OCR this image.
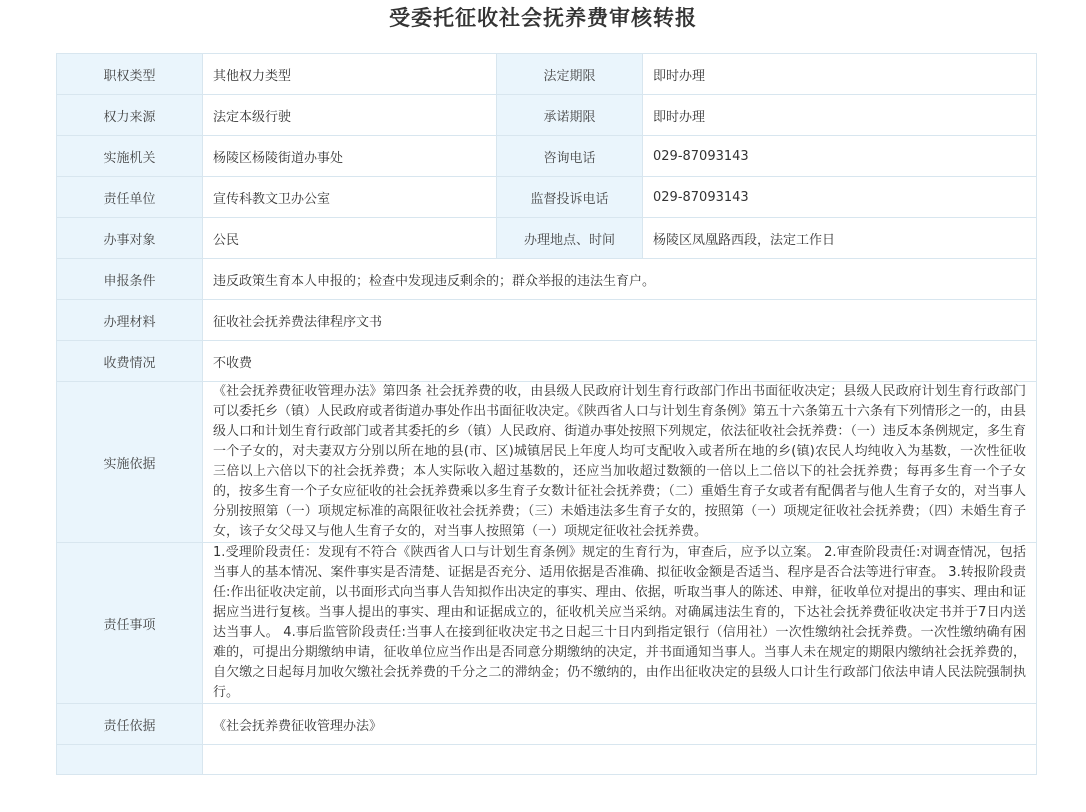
受委托征收社会抚养费审核转报
职权类型	其他权力类型	法定期限	即时办理
权力来源	法定本级行驶	承诺期限	即时办理
实施机关	杨陵区杨陵街道办事处	咨询电话	029-87093143
责任单位	宣传科教文卫办公室	监督投诉电话	029-87093143
办事对象	公民	办理地点、时间	杨陵区凤凰路西段，法定工作日
申报条件	违反政策生育本人申报的；检查中发现违反剩余的；群众举报的违法生育户。		
办理材料	征收社会抚养费法律程序文书		
收费情况	不收费		
实施依据	《社会抚养费征收管理办法》第四条 社会抚养费的收，由县级人民政府计划生育行政部门作出书面征收决定；县级人民政府计划生育行政部门可以委托乡（镇）人民政府或者街道办事处作出书面征收决定。《陕西省人口与计划生育条例》第五十六条第五十六条有下列情形之一的，由县级人口和计划生育行政部门或者其委托的乡（镇）人民政府、街道办事处按照下列规定，依法征收社会抚养费：（一）违反本条例规定，多生育一个子女的，对夫妻双方分别以所在地的县(市、区)城镇居民上年度人均可支配收入或者所在地的乡(镇)农民人均纯收入为基数，一次性征收三倍以上六倍以下的社会抚养费；本人实际收入超过基数的，还应当加收超过数额的一倍以上二倍以下的社会抚养费；每再多生育一个子女的，按多生育一个子女应征收的社会抚养费乘以多生育子女数计征社会抚养费；（二）重婚生育子女或者有配偶者与他人生育子女的，对当事人分别按照第（一）项规定标准的高限征收社会抚养费；（三）未婚违法多生育子女的，按照第（一）项规定征收社会抚养费；（四）未婚生育子女，该子女父母又与他人生育子女的，对当事人按照第（一）项规定征收社会抚养费。		
责任事项	1.受理阶段责任：发现有不符合《陕西省人口与计划生育条例》规定的生育行为，审查后，应予以立案。 2.审查阶段责任:对调查情况，包括当事人的基本情况、案件事实是否清楚、证据是否充分、适用依据是否准确、拟征收金额是否适当、程序是否合法等进行审查。 3.转报阶段责任:作出征收决定前，以书面形式向当事人告知拟作出决定的事实、理由、依据，听取当事人的陈述、申辩，征收单位对提出的事实、理由和证据应当进行复核。当事人提出的事实、理由和证据成立的，征收机关应当采纳。对确属违法生育的，下达社会抚养费征收决定书并于7日内送达当事人。 4.事后监管阶段责任:当事人在接到征收决定书之日起三十日内到指定银行（信用社）一次性缴纳社会抚养费。一次性缴纳确有困难的，可提出分期缴纳申请，征收单位应当作出是否同意分期缴纳的决定，并书面通知当事人。当事人未在规定的期限内缴纳社会抚养费的，自欠缴之日起每月加收欠缴社会抚养费的千分之二的滞纳金；仍不缴纳的，由作出征收决定的县级人口计生行政部门依法申请人民法院强制执行。		
责任依据	《社会抚养费征收管理办法》		
